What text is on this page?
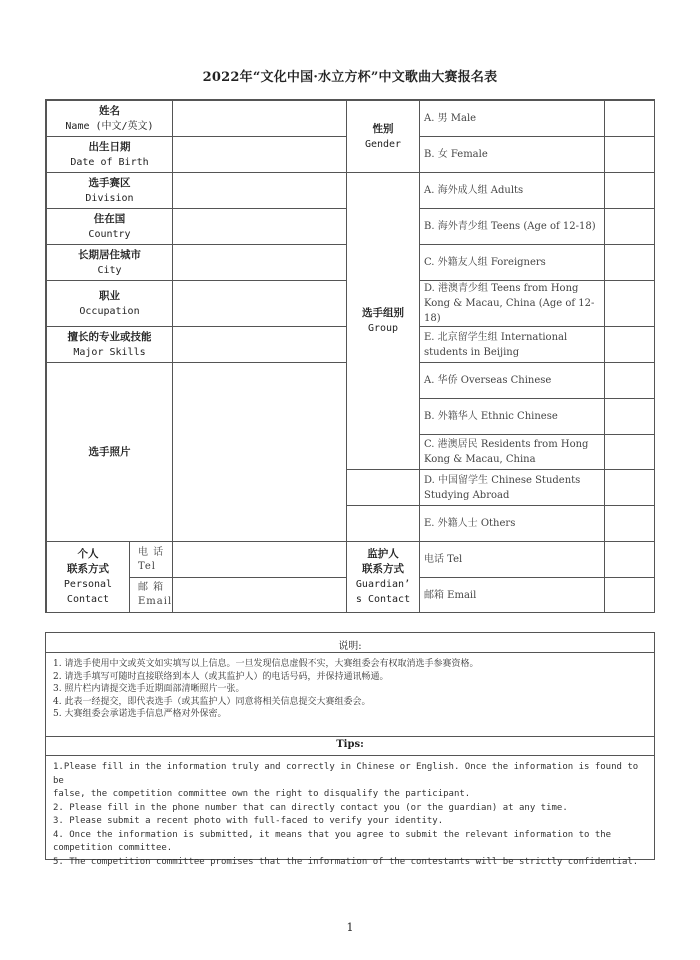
2022年“文化中国·水立方杯”中文歌曲大赛报名表
姓名
Name (中文/英文)
出生日期
Date of Birth
选手赛区
Division
住在国
Country
长期居住城市
City
职业
Occupation
擅长的专业或技能
Major Skills
选手照片
个人
联系方式
Personal
Contact
电 话
Tel
邮 箱
Email
性别
Gender
A. 男 Male
B. 女 Female
选手组别
Group
A. 海外成人组 Adults
B. 海外青少组 Teens (Age of 12-18)
C. 外籍友人组 Foreigners
D. 港澳青少组 Teens from Hong Kong & Macau, China (Age of 12-18)
E. 北京留学生组 International students in Beijing
A. 华侨 Overseas Chinese
B. 外籍华人 Ethnic Chinese
C. 港澳居民 Residents from Hong Kong & Macau, China
D. 中国留学生 Chinese Students Studying Abroad
E. 外籍人士 Others
监护人
联系方式
Guardian’
s Contact
电话 Tel
邮箱 Email
说明:
1. 请选手使用中文或英文如实填写以上信息。一旦发现信息虚假不实，大赛组委会有权取消选手参赛资格。
2. 请选手填写可随时直接联络到本人（或其监护人）的电话号码，并保持通讯畅通。
3. 照片栏内请提交选手近期面部清晰照片一张。
4. 此表一经提交，即代表选手（或其监护人）同意将相关信息提交大赛组委会。
5. 大赛组委会承诺选手信息严格对外保密。
Tips:
1.Please fill in the information truly and correctly in Chinese or English. Once the information is found to be
false, the competition committee own the right to disqualify the participant.
2. Please fill in the phone number that can directly contact you (or the guardian) at any time.
3. Please submit a recent photo with full-faced to verify your identity.
4. Once the information is submitted, it means that you agree to submit the relevant information to the
competition committee.
5. The competition committee promises that the information of the contestants will be strictly confidential.
1
